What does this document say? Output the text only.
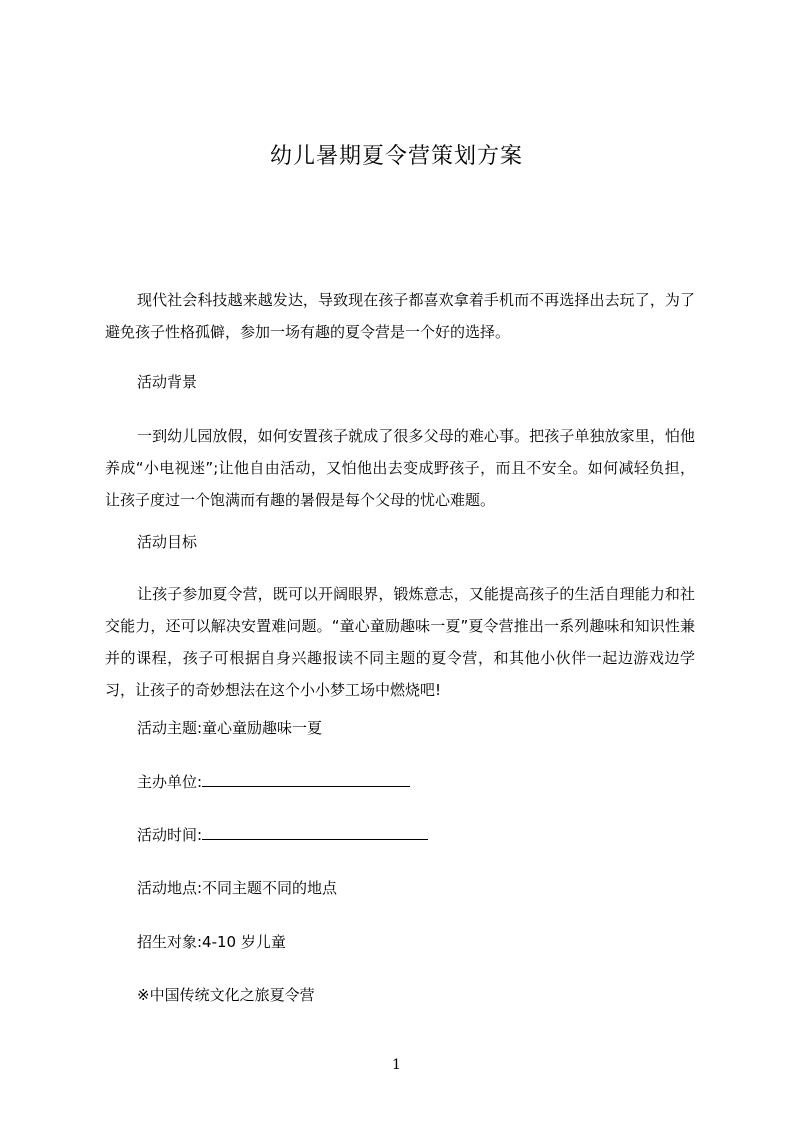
幼儿暑期夏令营策划方案

现代社会科技越来越发达，导致现在孩子都喜欢拿着手机而不再选择出去玩了，为了避免孩子性格孤僻，参加一场有趣的夏令营是一个好的选择。

活动背景

一到幼儿园放假，如何安置孩子就成了很多父母的难心事。把孩子单独放家里，怕他养成“小电视迷”;让他自由活动，又怕他出去变成野孩子，而且不安全。如何减轻负担，让孩子度过一个饱满而有趣的暑假是每个父母的忧心难题。

活动目标

让孩子参加夏令营，既可以开阔眼界，锻炼意志，又能提高孩子的生活自理能力和社交能力，还可以解决安置难问题。“童心童励趣味一夏”夏令营推出一系列趣味和知识性兼并的课程，孩子可根据自身兴趣报读不同主题的夏令营，和其他小伙伴一起边游戏边学习，让孩子的奇妙想法在这个小小梦工场中燃烧吧!

活动主题:童心童励趣味一夏

主办单位:

活动时间:

活动地点:不同主题不同的地点

招生对象:4-10 岁儿童

※中国传统文化之旅夏令营

1
